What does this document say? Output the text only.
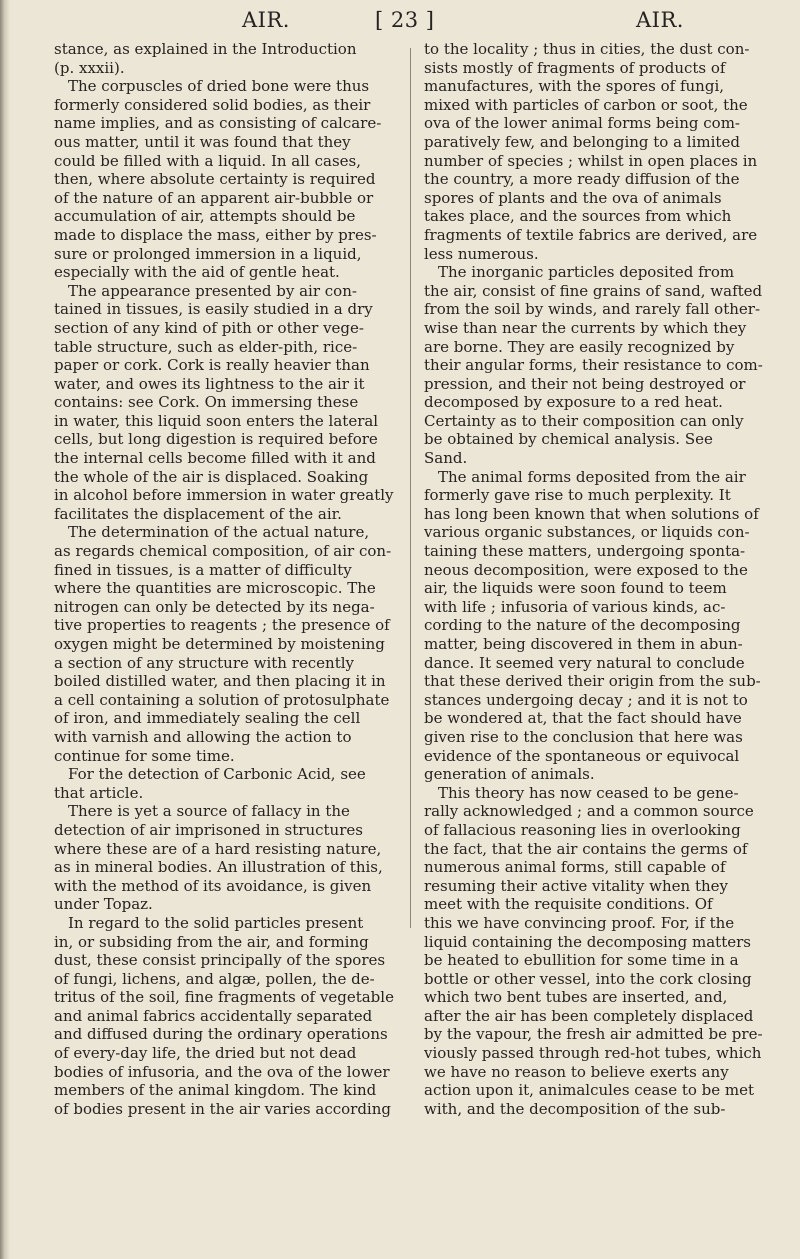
AIR.	[ 23 ]	AIR.
stance, as explained in the Introduction
(p. xxxii).
The corpuscles of dried bone were thus
formerly considered solid bodies, as their
name implies, and as consisting of calcare-
ous matter, until it was found that they
could be filled with a liquid. In all cases,
then, where absolute certainty is required
of the nature of an apparent air-bubble or
accumulation of air, attempts should be
made to displace the mass, either by pres-
sure or prolonged immersion in a liquid,
especially with the aid of gentle heat.
The appearance presented by air con-
tained in tissues, is easily studied in a dry
section of any kind of pith or other vege-
table structure, such as elder-pith, rice-
paper or cork. Cork is really heavier than
water, and owes its lightness to the air it
contains: see Cork. On immersing these
in water, this liquid soon enters the lateral
cells, but long digestion is required before
the internal cells become filled with it and
the whole of the air is displaced. Soaking
in alcohol before immersion in water greatly
facilitates the displacement of the air.
The determination of the actual nature,
as regards chemical composition, of air con-
fined in tissues, is a matter of difficulty
where the quantities are microscopic. The
nitrogen can only be detected by its nega-
tive properties to reagents ; the presence of
oxygen might be determined by moistening
a section of any structure with recently
boiled distilled water, and then placing it in
a cell containing a solution of protosulphate
of iron, and immediately sealing the cell
with varnish and allowing the action to
continue for some time.
For the detection of Carbonic Acid, see
that article.
There is yet a source of fallacy in the
detection of air imprisoned in structures
where these are of a hard resisting nature,
as in mineral bodies. An illustration of this,
with the method of its avoidance, is given
under Topaz.
In regard to the solid particles present
in, or subsiding from the air, and forming
dust, these consist principally of the spores
of fungi, lichens, and algæ, pollen, the de-
tritus of the soil, fine fragments of vegetable
and animal fabrics accidentally separated
and diffused during the ordinary operations
of every-day life, the dried but not dead
bodies of infusoria, and the ova of the lower
members of the animal kingdom. The kind
of bodies present in the air varies according
to the locality ; thus in cities, the dust con-
sists mostly of fragments of products of
manufactures, with the spores of fungi,
mixed with particles of carbon or soot, the
ova of the lower animal forms being com-
paratively few, and belonging to a limited
number of species ; whilst in open places in
the country, a more ready diffusion of the
spores of plants and the ova of animals
takes place, and the sources from which
fragments of textile fabrics are derived, are
less numerous.
The inorganic particles deposited from
the air, consist of fine grains of sand, wafted
from the soil by winds, and rarely fall other-
wise than near the currents by which they
are borne. They are easily recognized by
their angular forms, their resistance to com-
pression, and their not being destroyed or
decomposed by exposure to a red heat.
Certainty as to their composition can only
be obtained by chemical analysis. See
Sand.
The animal forms deposited from the air
formerly gave rise to much perplexity. It
has long been known that when solutions of
various organic substances, or liquids con-
taining these matters, undergoing sponta-
neous decomposition, were exposed to the
air, the liquids were soon found to teem
with life ; infusoria of various kinds, ac-
cording to the nature of the decomposing
matter, being discovered in them in abun-
dance. It seemed very natural to conclude
that these derived their origin from the sub-
stances undergoing decay ; and it is not to
be wondered at, that the fact should have
given rise to the conclusion that here was
evidence of the spontaneous or equivocal
generation of animals.
This theory has now ceased to be gene-
rally acknowledged ; and a common source
of fallacious reasoning lies in overlooking
the fact, that the air contains the germs of
numerous animal forms, still capable of
resuming their active vitality when they
meet with the requisite conditions. Of
this we have convincing proof. For, if the
liquid containing the decomposing matters
be heated to ebullition for some time in a
bottle or other vessel, into the cork closing
which two bent tubes are inserted, and,
after the air has been completely displaced
by the vapour, the fresh air admitted be pre-
viously passed through red-hot tubes, which
we have no reason to believe exerts any
action upon it, animalcules cease to be met
with, and the decomposition of the sub-
